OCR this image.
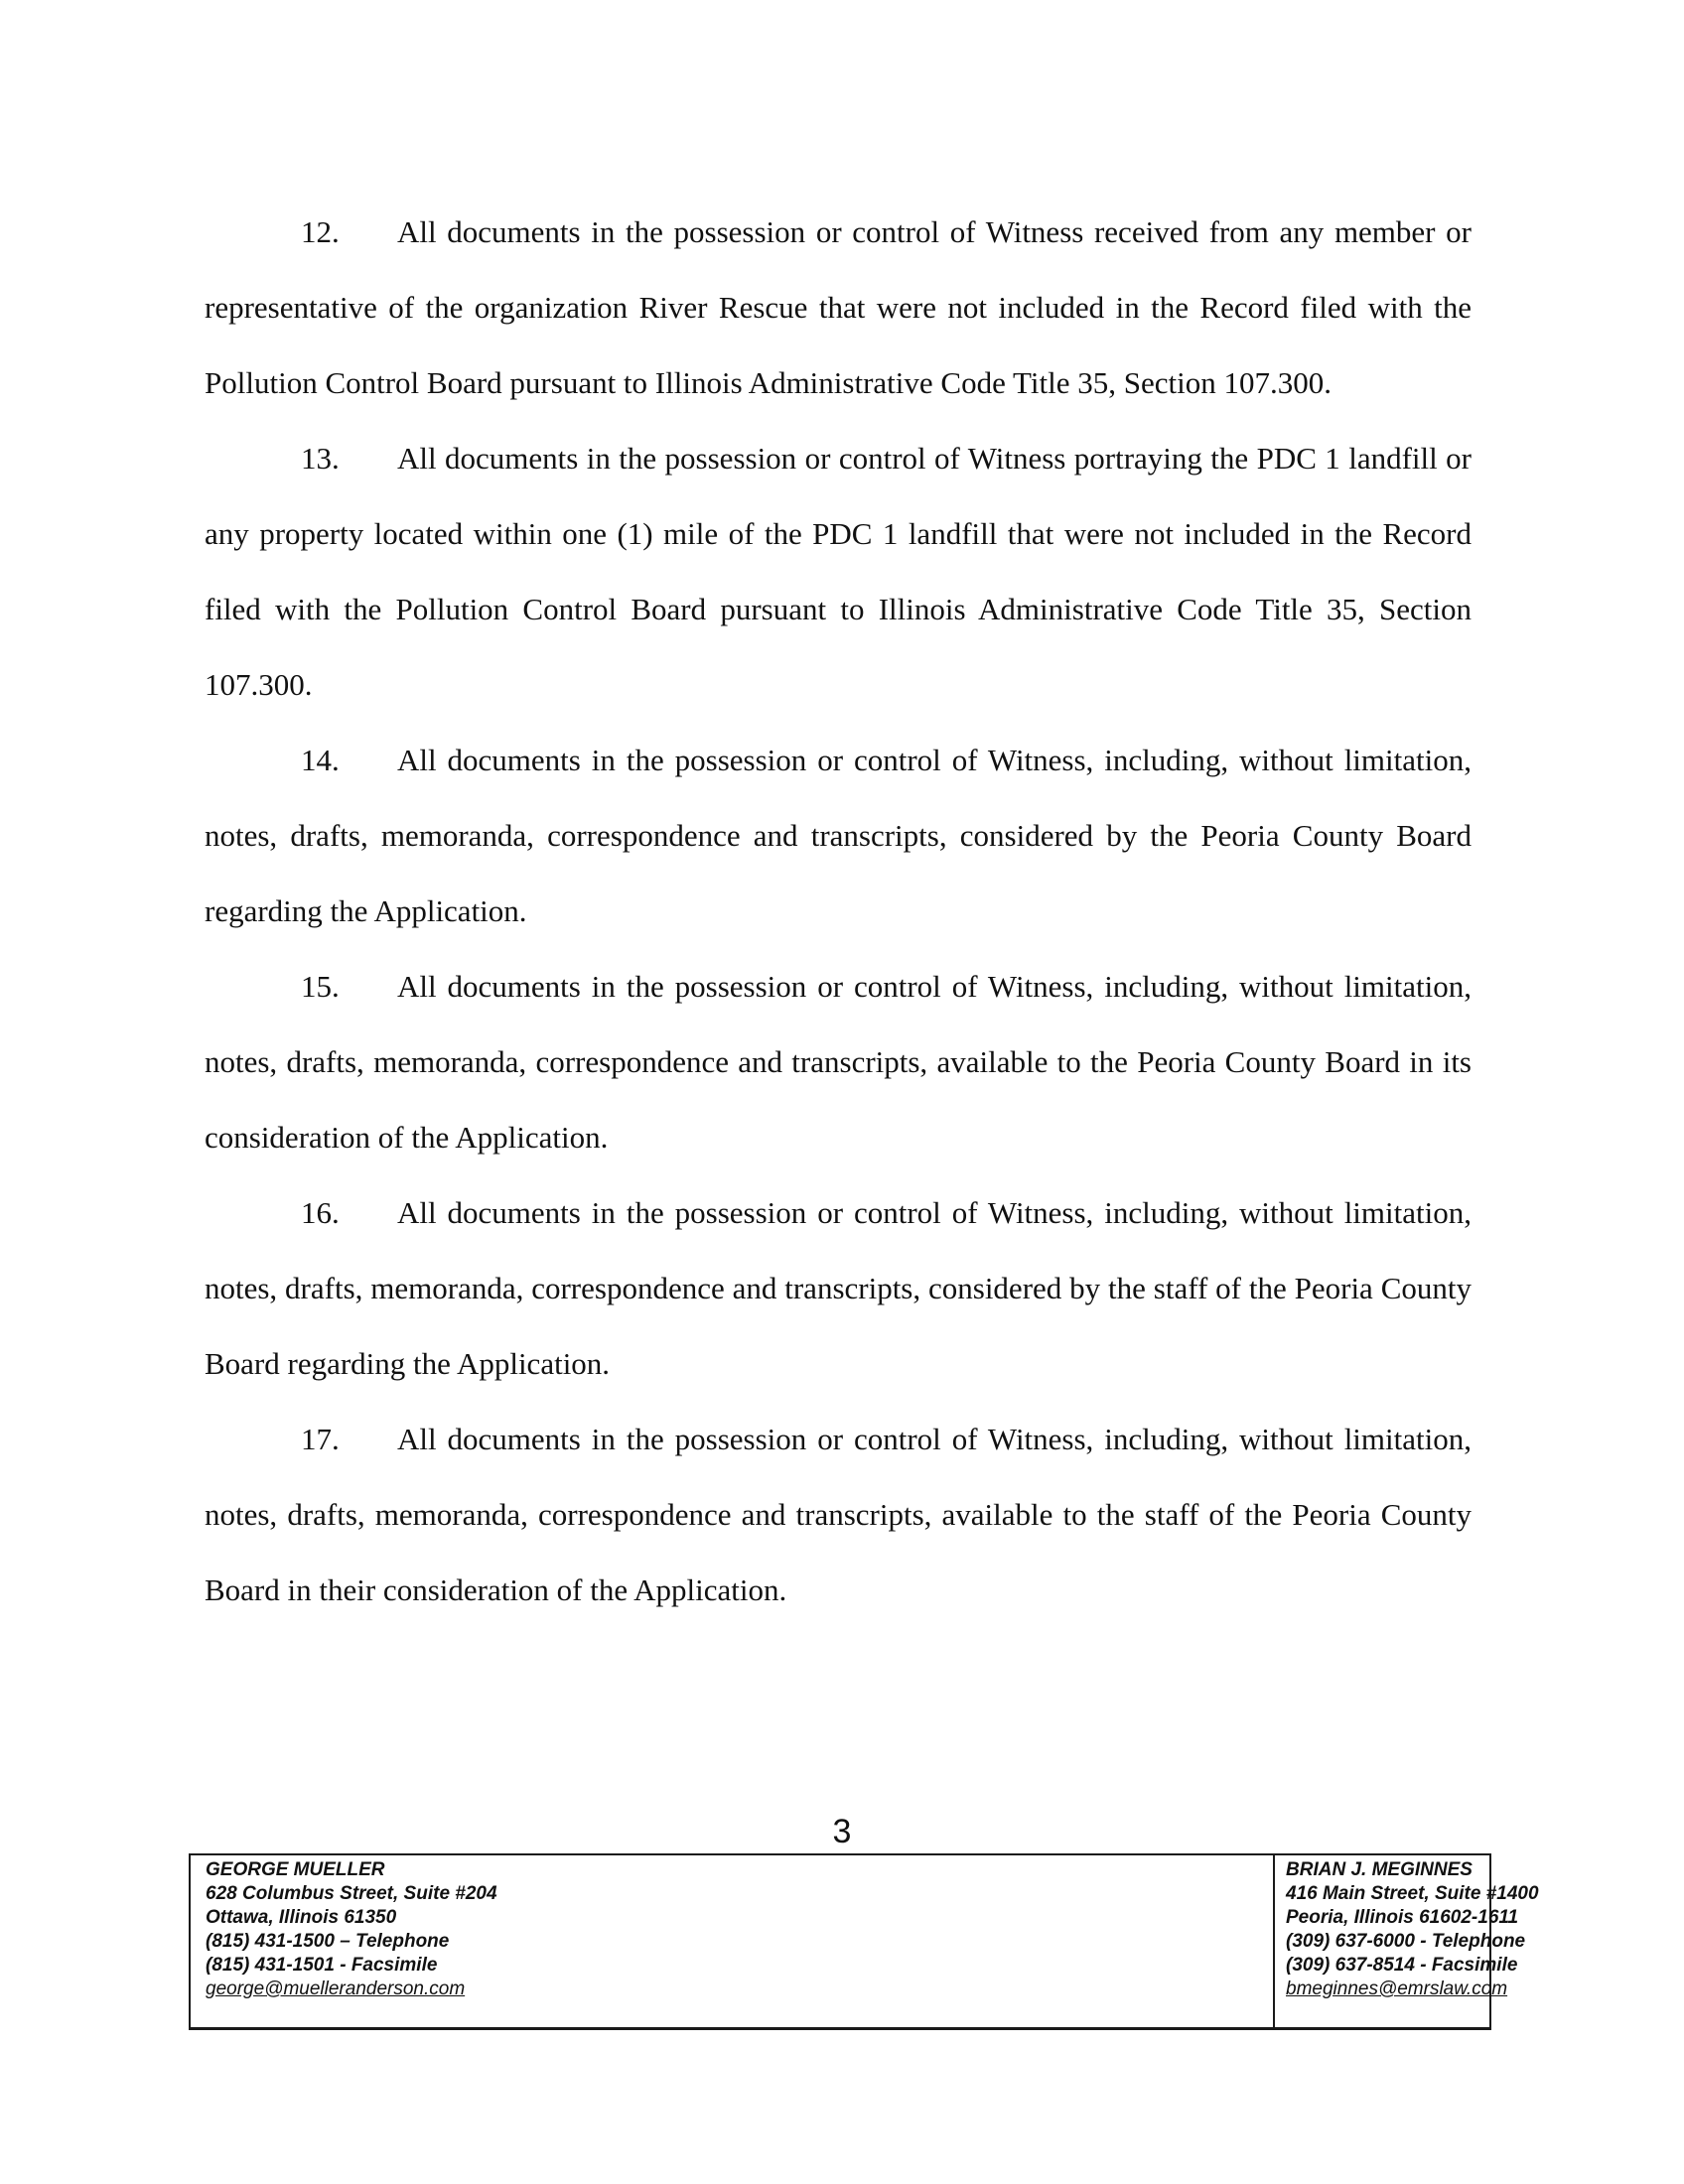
12. All documents in the possession or control of Witness received from any member or representative of the organization River Rescue that were not included in the Record filed with the Pollution Control Board pursuant to Illinois Administrative Code Title 35, Section 107.300.

13. All documents in the possession or control of Witness portraying the PDC 1 landfill or any property located within one (1) mile of the PDC 1 landfill that were not included in the Record filed with the Pollution Control Board pursuant to Illinois Administrative Code Title 35, Section 107.300.

14. All documents in the possession or control of Witness, including, without limitation, notes, drafts, memoranda, correspondence and transcripts, considered by the Peoria County Board regarding the Application.

15. All documents in the possession or control of Witness, including, without limitation, notes, drafts, memoranda, correspondence and transcripts, available to the Peoria County Board in its consideration of the Application.

16. All documents in the possession or control of Witness, including, without limitation, notes, drafts, memoranda, correspondence and transcripts, considered by the staff of the Peoria County Board regarding the Application.

17. All documents in the possession or control of Witness, including, without limitation, notes, drafts, memoranda, correspondence and transcripts, available to the staff of the Peoria County Board in their consideration of the Application.

3
GEORGE MUELLER
628 Columbus Street, Suite #204
Ottawa, Illinois 61350
(815) 431-1500 – Telephone
(815) 431-1501 - Facsimile
george@muelleranderson.com
BRIAN J. MEGINNES
416 Main Street, Suite #1400
Peoria, Illinois 61602-1611
(309) 637-6000 - Telephone
(309) 637-8514 - Facsimile
bmeginnes@emrslaw.com
